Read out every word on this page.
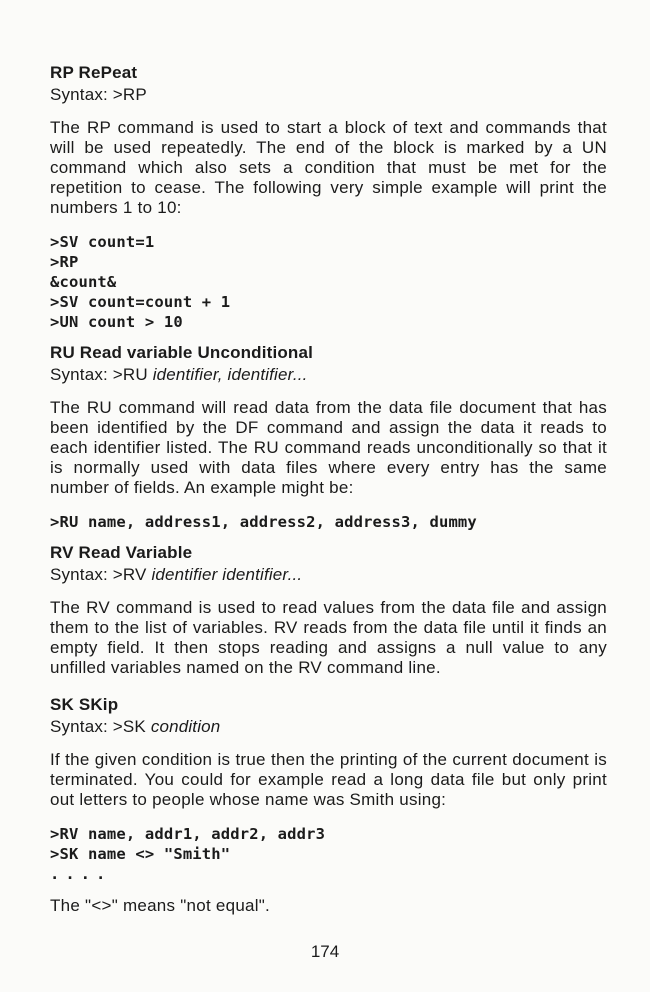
RP RePeat

Syntax: >RP

The RP command is used to start a block of text and commands that will be used repeatedly. The end of the block is marked by a UN command which also sets a condition that must be met for the repetition to cease. The following very simple example will print the numbers 1 to 10:

>SV count=1
>RP
&count&
>SV count=count + 1
>UN count > 10
RU Read variable Unconditional

Syntax: >RU identifier, identifier...

The RU command will read data from the data file document that has been identified by the DF command and assign the data it reads to each identifier listed. The RU command reads unconditionally so that it is normally used with data files where every entry has the same number of fields. An example might be:

>RU name, address1, address2, address3, dummy
RV Read Variable

Syntax: >RV identifier identifier...

The RV command is used to read values from the data file and assign them to the list of variables. RV reads from the data file until it finds an empty field. It then stops reading and assigns a null value to any unfilled variables named on the RV command line.

SK SKip

Syntax: >SK condition

If the given condition is true then the printing of the current document is terminated. You could for example read a long data file but only print out letters to people whose name was Smith using:

>RV name, addr1, addr2, addr3
>SK name <> "Smith"
....

The "<>" means "not equal".

174
